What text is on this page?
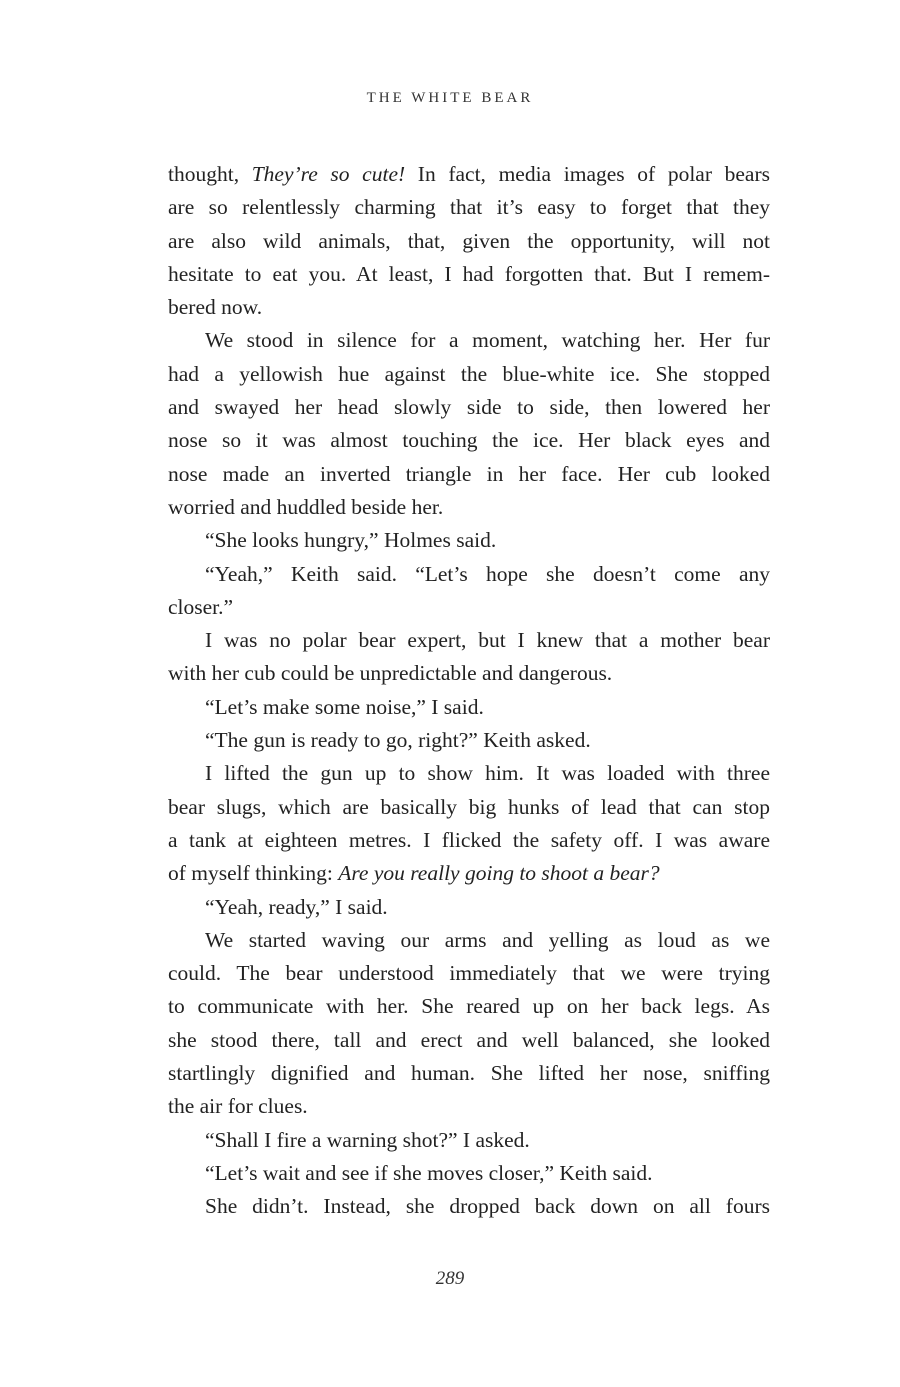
THE WHITE BEAR
thought, They’re so cute! In fact, media images of polar bears
are so relentlessly charming that it’s easy to forget that they
are also wild animals, that, given the opportunity, will not
hesitate to eat you. At least, I had forgotten that. But I remem-
bered now.
We stood in silence for a moment, watching her. Her fur
had a yellowish hue against the blue-white ice. She stopped
and swayed her head slowly side to side, then lowered her
nose so it was almost touching the ice. Her black eyes and
nose made an inverted triangle in her face. Her cub looked
worried and huddled beside her.
“She looks hungry,” Holmes said.
“Yeah,” Keith said. “Let’s hope she doesn’t come any
closer.”
I was no polar bear expert, but I knew that a mother bear
with her cub could be unpredictable and dangerous.
“Let’s make some noise,” I said.
“The gun is ready to go, right?” Keith asked.
I lifted the gun up to show him. It was loaded with three
bear slugs, which are basically big hunks of lead that can stop
a tank at eighteen metres. I flicked the safety off. I was aware
of myself thinking: Are you really going to shoot a bear?
“Yeah, ready,” I said.
We started waving our arms and yelling as loud as we
could. The bear understood immediately that we were trying
to communicate with her. She reared up on her back legs. As
she stood there, tall and erect and well balanced, she looked
startlingly dignified and human. She lifted her nose, sniffing
the air for clues.
“Shall I fire a warning shot?” I asked.
“Let’s wait and see if she moves closer,” Keith said.
She didn’t. Instead, she dropped back down on all fours
289
